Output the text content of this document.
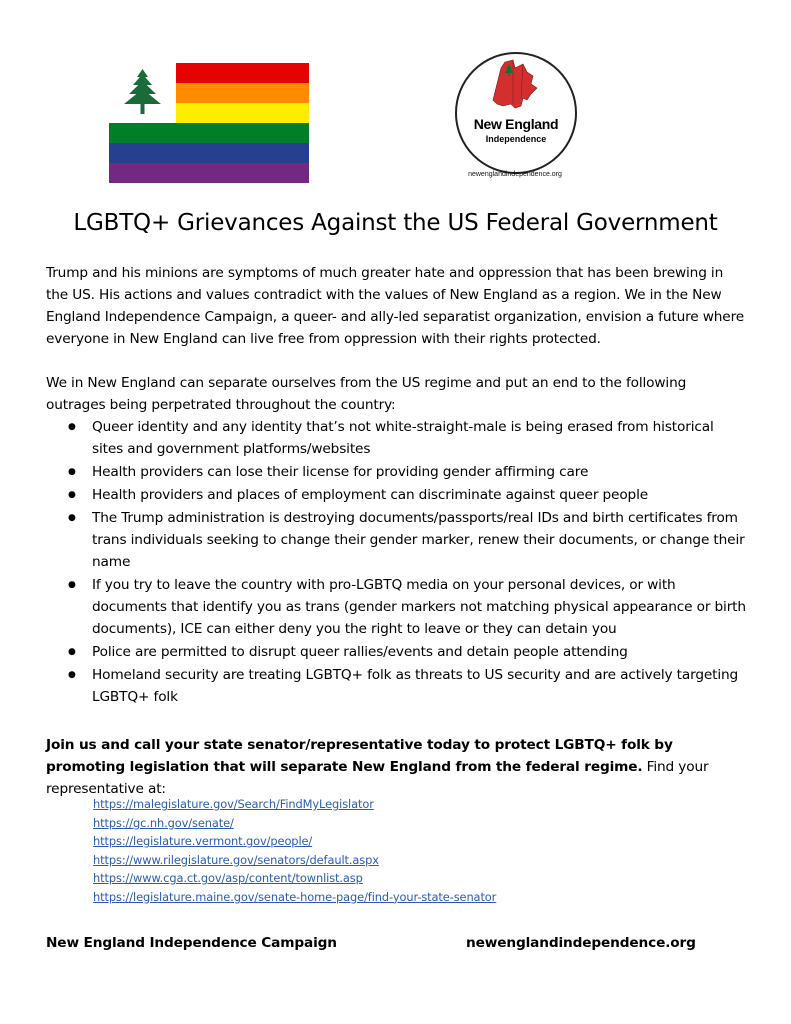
New England
Independence
newenglandindependence.org
LGBTQ+ Grievances Against the US Federal Government

Trump and his minions are symptoms of much greater hate and oppression that has been brewing in the US. His actions and values contradict with the values of New England as a region. We in the New England Independence Campaign, a queer- and ally-led separatist organization, envision a future where everyone in New England can live free from oppression with their rights protected.

We in New England can separate ourselves from the US regime and put an end to the following outrages being perpetrated throughout the country:

● Queer identity and any identity that’s not white-straight-male is being erased from historical sites and government platforms/websites
● Health providers can lose their license for providing gender affirming care
● Health providers and places of employment can discriminate against queer people
● The Trump administration is destroying documents/passports/real IDs and birth certificates from trans individuals seeking to change their gender marker, renew their documents, or change their name
● If you try to leave the country with pro-LGBTQ media on your personal devices, or with documents that identify you as trans (gender markers not matching physical appearance or birth documents), ICE can either deny you the right to leave or they can detain you
● Police are permitted to disrupt queer rallies/events and detain people attending
● Homeland security are treating LGBTQ+ folk as threats to US security and are actively targeting LGBTQ+ folk

Join us and call your state senator/representative today to protect LGBTQ+ folk by promoting legislation that will separate New England from the federal regime. Find your representative at:

https://malegislature.gov/Search/FindMyLegislator
https://gc.nh.gov/senate/
https://legislature.vermont.gov/people/
https://www.rilegislature.gov/senators/default.aspx
https://www.cga.ct.gov/asp/content/townlist.asp
https://legislature.maine.gov/senate-home-page/find-your-state-senator
New England Independence Campaign	newenglandindependence.org
